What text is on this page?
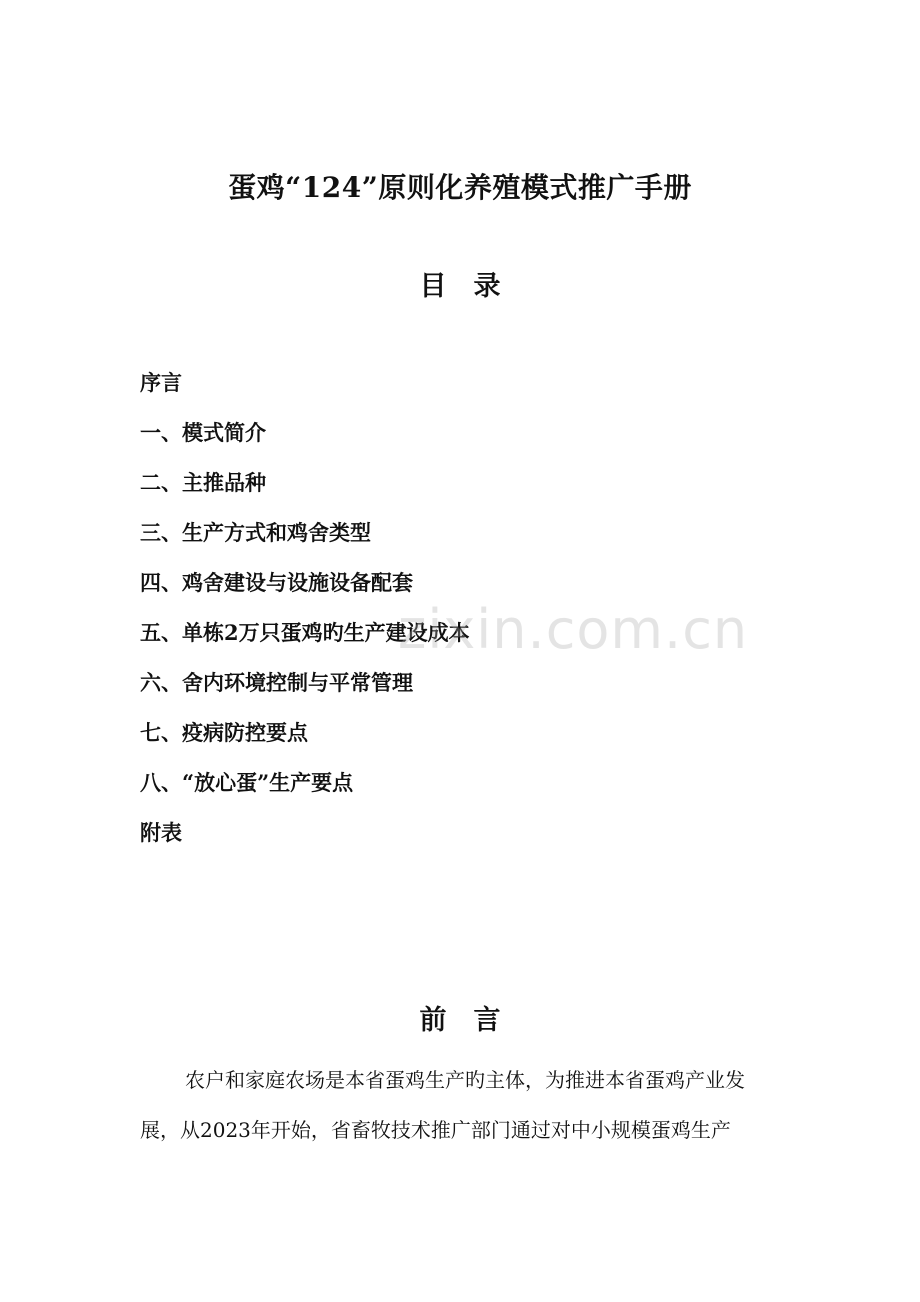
蛋鸡“124”原则化养殖模式推广手册
目　录
序言
一、模式简介
二、主推品种
三、生产方式和鸡舍类型
四、鸡舍建设与设施设备配套
五、单栋2万只蛋鸡旳生产建设成本
六、舍内环境控制与平常管理
七、疫病防控要点
八、“放心蛋”生产要点
附表
zixin.com.cn
前　言
农户和家庭农场是本省蛋鸡生产旳主体，为推进本省蛋鸡产业发
展，从2023年开始，省畜牧技术推广部门通过对中小规模蛋鸡生产
